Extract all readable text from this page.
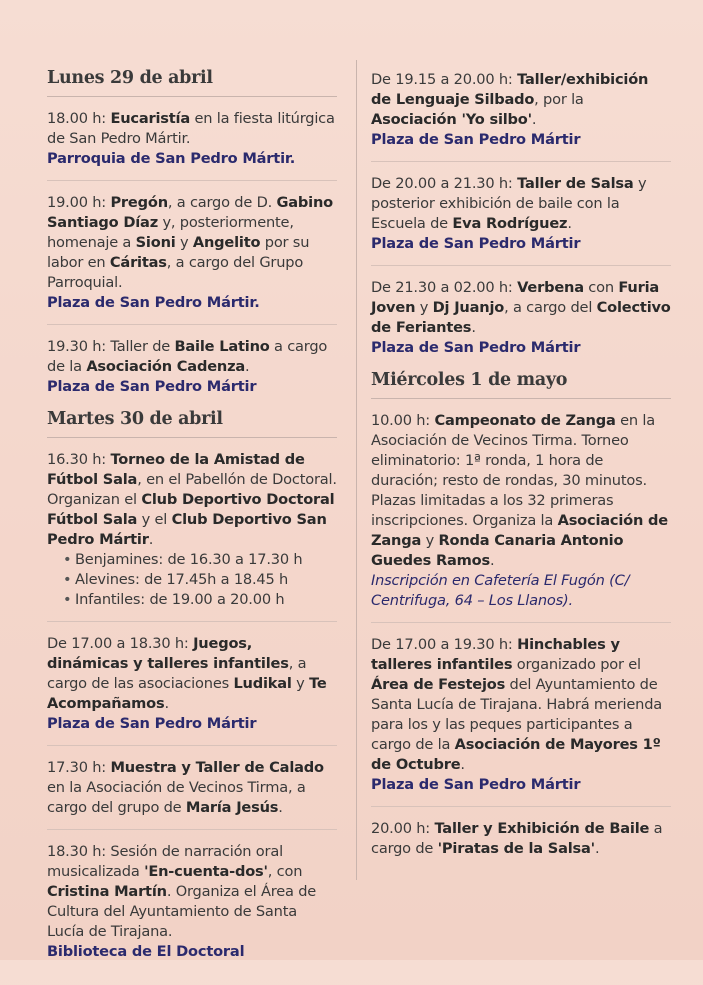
Lunes 29 de abril
18.00 h: Eucaristía en la fiesta litúrgica de San Pedro Mártir.
Parroquia de San Pedro Mártir.
19.00 h: Pregón, a cargo de D. Gabino Santiago Díaz y, posteriormente, homenaje a Sioni y Angelito por su labor en Cáritas, a cargo del Grupo Parroquial.
Plaza de San Pedro Mártir.
19.30 h: Taller de Baile Latino a cargo de la Asociación Cadenza.
Plaza de San Pedro Mártir
Martes 30 de abril
16.30 h: Torneo de la Amistad de Fútbol Sala, en el Pabellón de Doctoral. Organizan el Club Deportivo Doctoral Fútbol Sala y el Club Deportivo San Pedro Mártir.
• Benjamines: de 16.30 a 17.30 h
• Alevines: de 17.45h a 18.45 h
• Infantiles: de 19.00 a 20.00 h
De 17.00 a 18.30 h: Juegos, dinámicas y talleres infantiles, a cargo de las asociaciones Ludikal y Te Acompañamos.
Plaza de San Pedro Mártir
17.30 h: Muestra y Taller de Calado en la Asociación de Vecinos Tirma, a cargo del grupo de María Jesús.
18.30 h: Sesión de narración oral musicalizada 'En-cuenta-dos', con Cristina Martín. Organiza el Área de Cultura del Ayuntamiento de Santa Lucía de Tirajana.
Biblioteca de El Doctoral
De 19.15 a 20.00 h: Taller/exhibición de Lenguaje Silbado, por la Asociación 'Yo silbo'.
Plaza de San Pedro Mártir
De 20.00 a 21.30 h: Taller de Salsa y posterior exhibición de baile con la Escuela de Eva Rodríguez.
Plaza de San Pedro Mártir
De 21.30 a 02.00 h: Verbena con Furia Joven y Dj Juanjo, a cargo del Colectivo de Feriantes.
Plaza de San Pedro Mártir
Miércoles 1 de mayo
10.00 h: Campeonato de Zanga en la Asociación de Vecinos Tirma. Torneo eliminatorio: 1ª ronda, 1 hora de duración; resto de rondas, 30 minutos. Plazas limitadas a los 32 primeras inscripciones. Organiza la Asociación de Zanga y Ronda Canaria Antonio Guedes Ramos.
Inscripción en Cafetería El Fugón (C/ Centrifuga, 64 – Los Llanos).
De 17.00 a 19.30 h: Hinchables y talleres infantiles organizado por el Área de Festejos del Ayuntamiento de Santa Lucía de Tirajana. Habrá merienda para los y las peques participantes a cargo de la Asociación de Mayores 1º de Octubre.
Plaza de San Pedro Mártir
20.00 h: Taller y Exhibición de Baile a cargo de 'Piratas de la Salsa'.
